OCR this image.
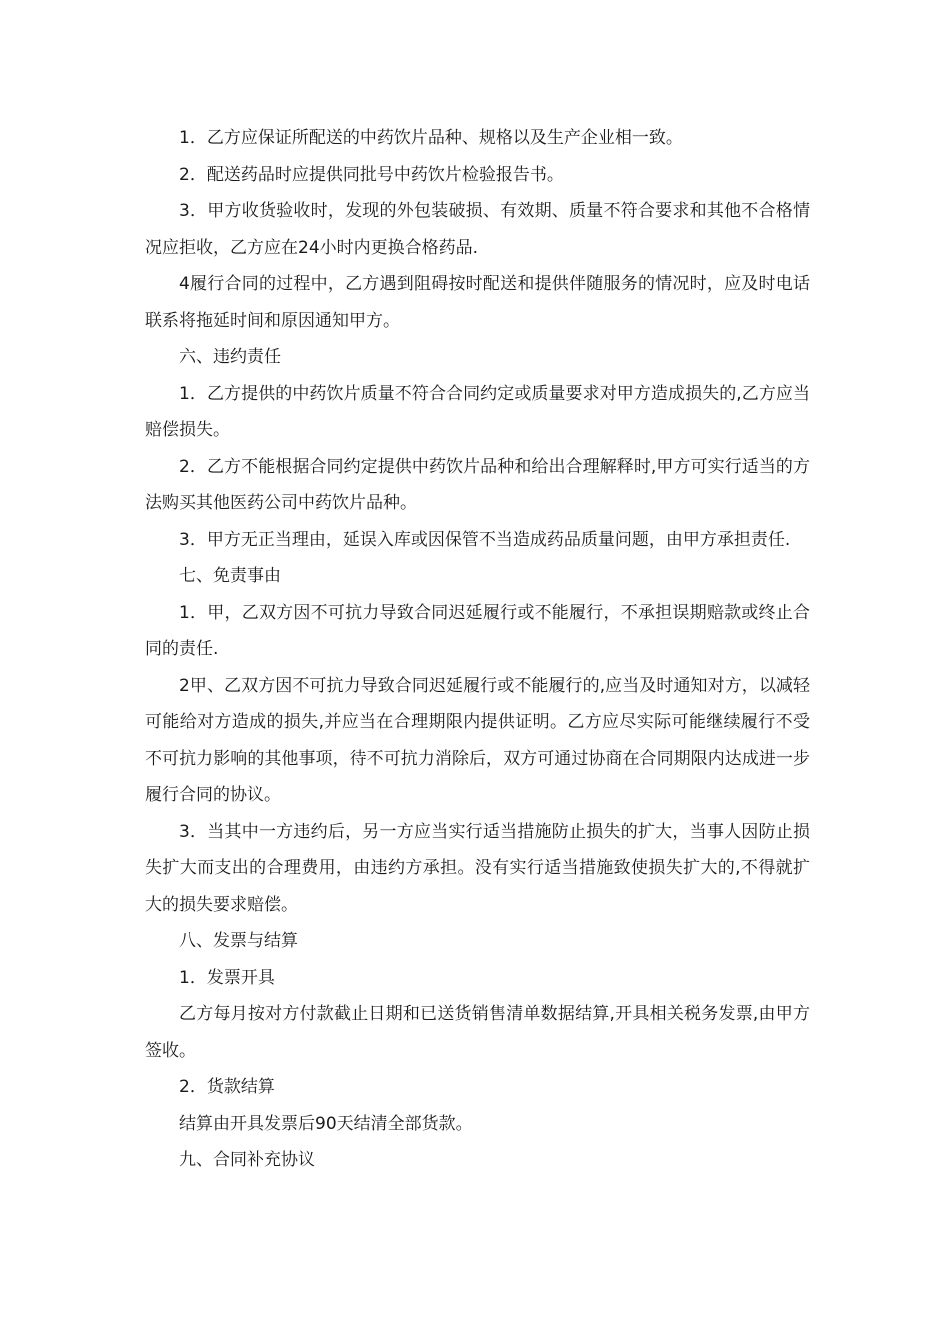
1．乙方应保证所配送的中药饮片品种、规格以及生产企业相一致。

2．配送药品时应提供同批号中药饮片检验报告书。

3．甲方收货验收时，发现的外包装破损、有效期、质量不符合要求和其他不合格情况应拒收，乙方应在24小时内更换合格药品.

4履行合同的过程中，乙方遇到阻碍按时配送和提供伴随服务的情况时，应及时电话联系将拖延时间和原因通知甲方。

六、违约责任

1．乙方提供的中药饮片质量不符合合同约定或质量要求对甲方造成损失的,乙方应当赔偿损失。

2．乙方不能根据合同约定提供中药饮片品种和给出合理解释时,甲方可实行适当的方法购买其他医药公司中药饮片品种。

3．甲方无正当理由，延误入库或因保管不当造成药品质量问题，由甲方承担责任.

七、免责事由

1．甲，乙双方因不可抗力导致合同迟延履行或不能履行，不承担误期赔款或终止合同的责任.

2甲、乙双方因不可抗力导致合同迟延履行或不能履行的,应当及时通知对方，以减轻可能给对方造成的损失,并应当在合理期限内提供证明。乙方应尽实际可能继续履行不受不可抗力影响的其他事项，待不可抗力消除后，双方可通过协商在合同期限内达成进一步履行合同的协议。

3．当其中一方违约后，另一方应当实行适当措施防止损失的扩大，当事人因防止损失扩大而支出的合理费用，由违约方承担。没有实行适当措施致使损失扩大的,不得就扩大的损失要求赔偿。

八、发票与结算

1．发票开具

乙方每月按对方付款截止日期和已送货销售清单数据结算,开具相关税务发票,由甲方签收。

2．货款结算

结算由开具发票后90天结清全部货款。

九、合同补充协议
